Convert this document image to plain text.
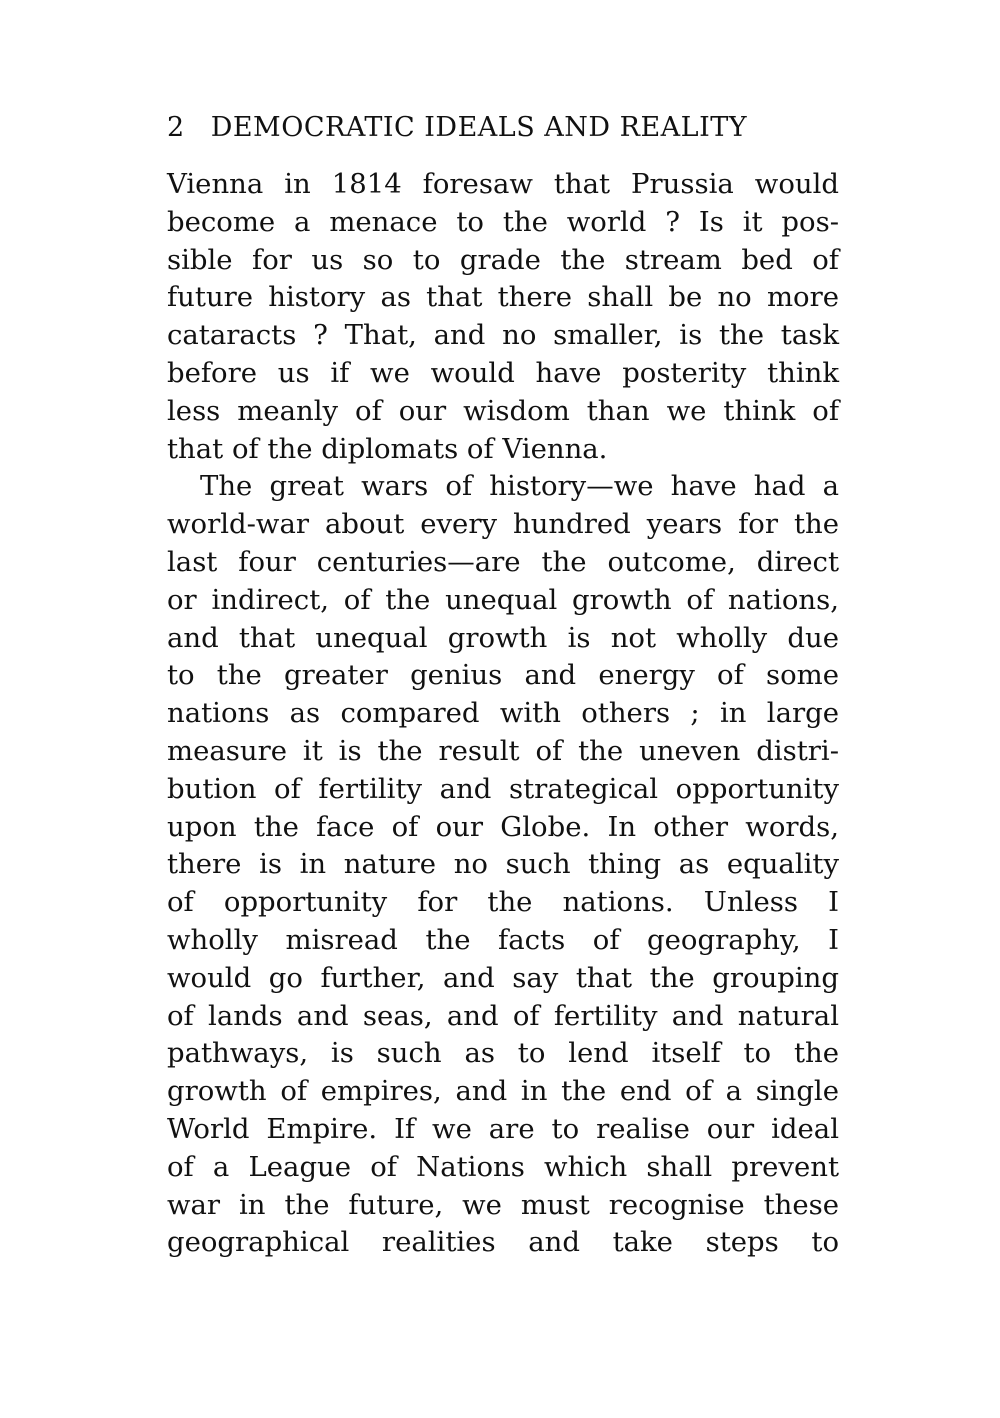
2 DEMOCRATIC IDEALS AND REALITY
Vienna in 1814 foresaw that Prussia would
become a menace to the world ? Is it pos-
sible for us so to grade the stream bed of
future history as that there shall be no more
cataracts ? That, and no smaller, is the task
before us if we would have posterity think
less meanly of our wisdom than we think of
that of the diplomats of Vienna.
The great wars of history—we have had a
world-war about every hundred years for the
last four centuries—are the outcome, direct
or indirect, of the unequal growth of nations,
and that unequal growth is not wholly due
to the greater genius and energy of some
nations as compared with others ; in large
measure it is the result of the uneven distri-
bution of fertility and strategical opportunity
upon the face of our Globe. In other words,
there is in nature no such thing as equality
of opportunity for the nations. Unless I
wholly misread the facts of geography, I
would go further, and say that the grouping
of lands and seas, and of fertility and natural
pathways, is such as to lend itself to the
growth of empires, and in the end of a single
World Empire. If we are to realise our ideal
of a League of Nations which shall prevent
war in the future, we must recognise these
geographical realities and take steps to
